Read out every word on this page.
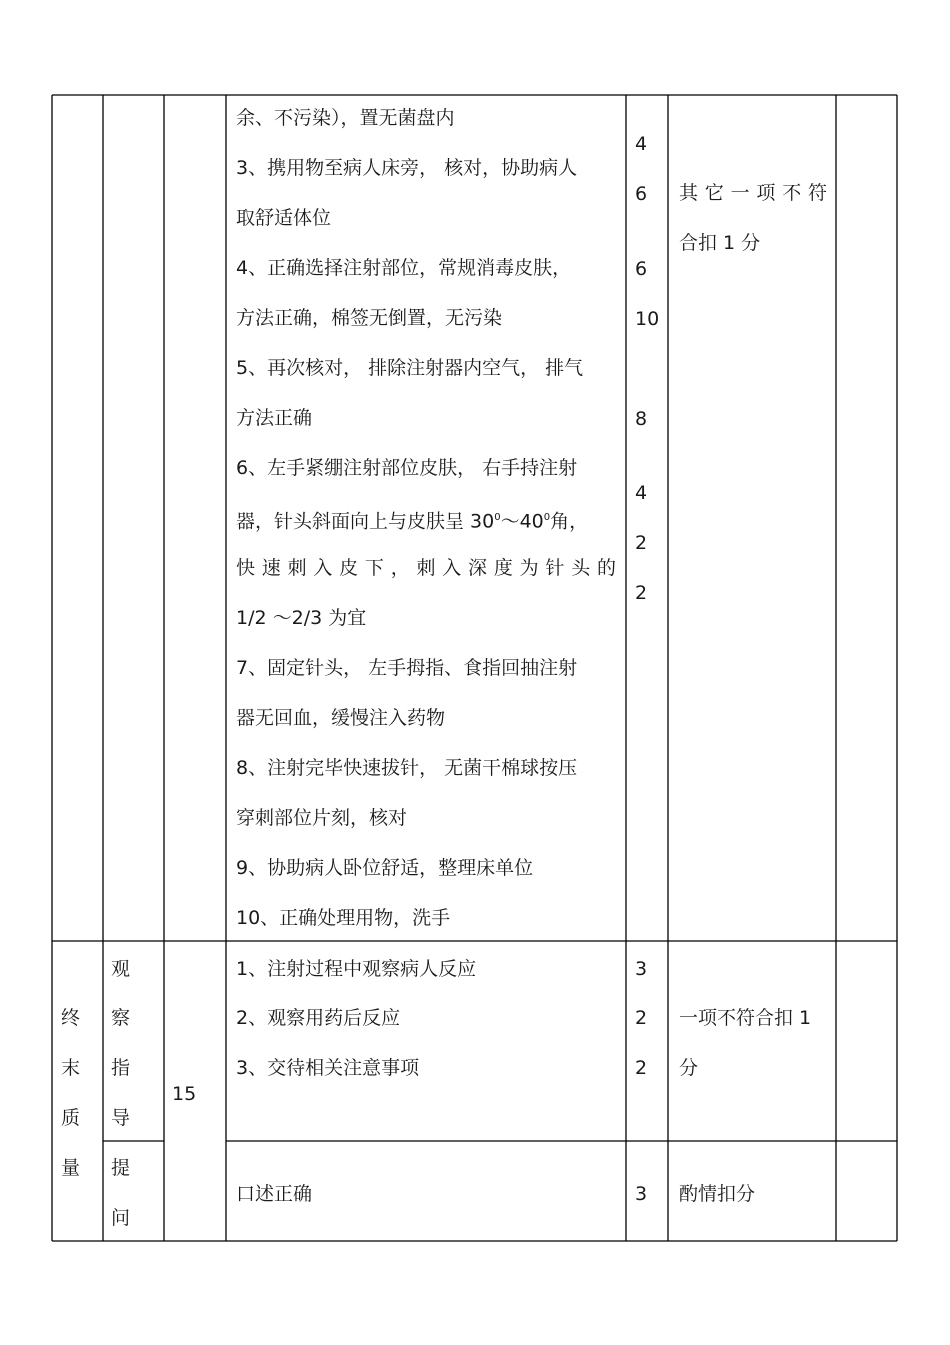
余、不污染），置无菌盘内
3、携用物至病人床旁， 核对，协助病人
取舒适体位
4、正确选择注射部位，常规消毒皮肤，
方法正确，棉签无倒置，无污染
5、再次核对， 排除注射器内空气， 排气
方法正确
6、左手紧绷注射部位皮肤， 右手持注射
器，针头斜面向上与皮肤呈 $30^0\sim 40^0$角，
快速刺入皮下，刺入深度为针头的
1/2 ～2/3 为宜
7、固定针头， 左手拇指、食指回抽注射
器无回血，缓慢注入药物
8、注射完毕快速拔针， 无菌干棉球按压
穿刺部位片刻，核对
9、协助病人卧位舒适，整理床单位
10、正确处理用物，洗手
4
6
6
10
8
4
2
2
其它一项不符
合扣 1 分
终
末
质
量
观
察
指
导
提
问
15
1、注射过程中观察病人反应
2、观察用药后反应
3、交待相关注意事项
3
2
2
一项不符合扣 1
分
口述正确	3 酌情扣分
